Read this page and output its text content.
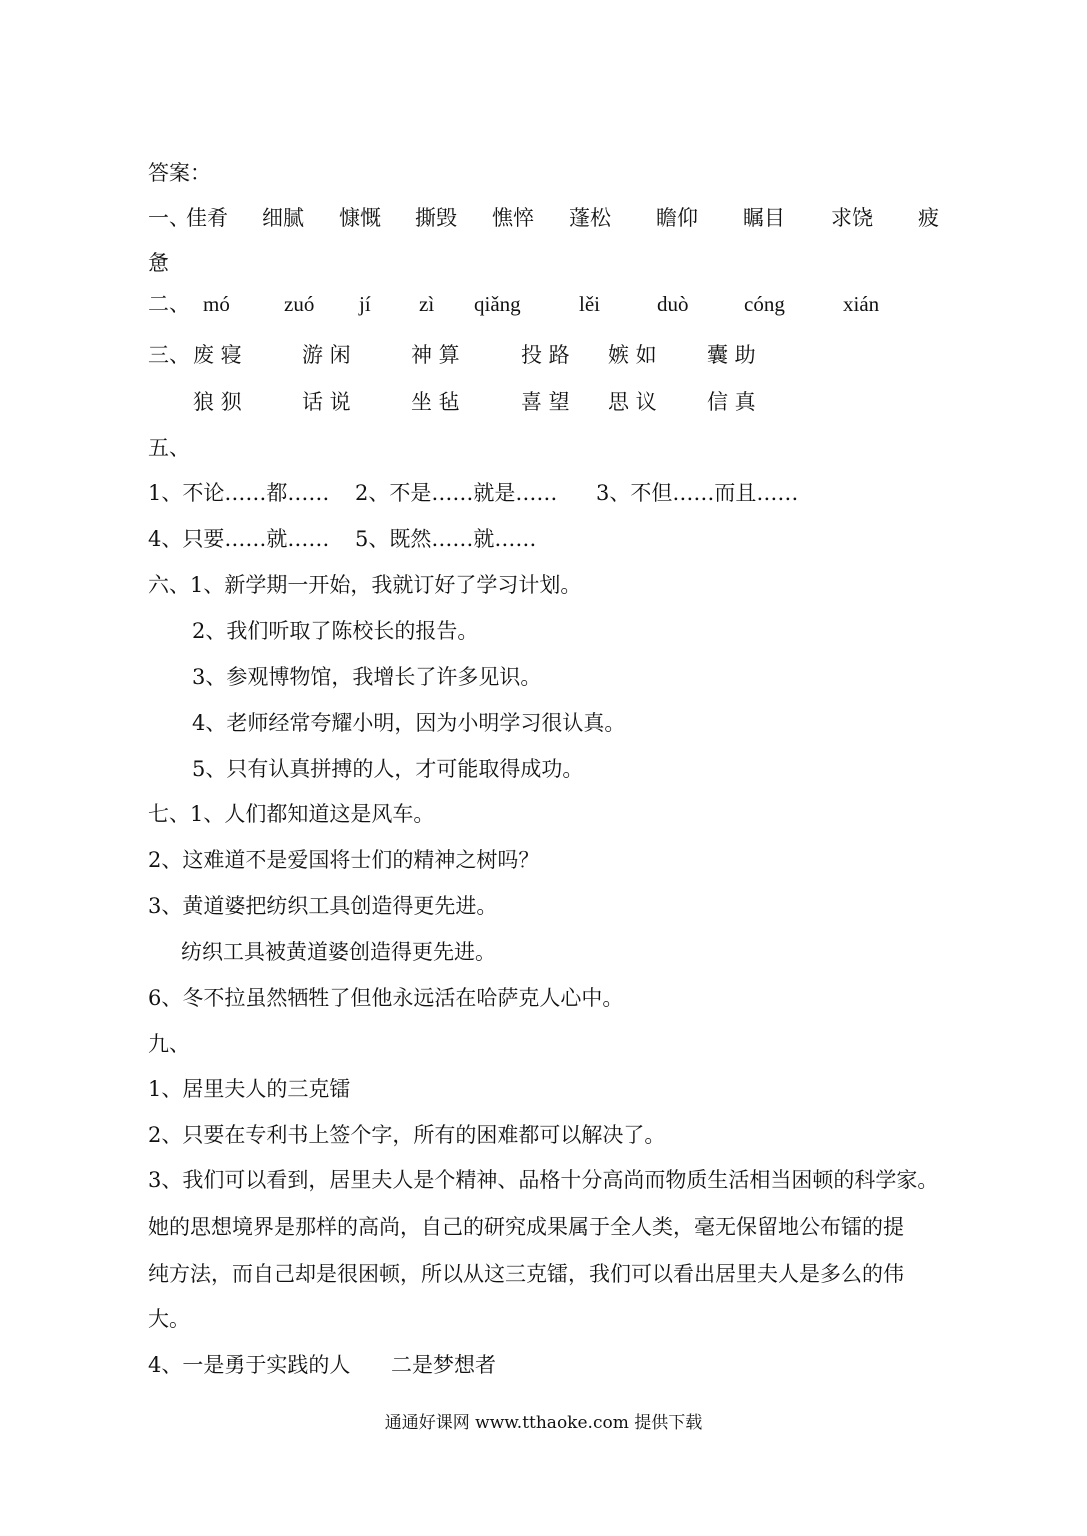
答案：
一、
佳肴 细腻 慷慨 撕毁 憔悴 蓬松 瞻仰 瞩目 求饶 疲
惫
二、 mó	zuó jí zì qiǎng	lěi	duò	cóng	xián
三、 废 寝	游 闲	神 算	投 路 嫉 如 囊 助
狼 狈	话 说	坐 毡	喜 望 思 议 信 真
五、
1、不论……都…… 2、不是……就是…… 3、不但……而且……
4、只要……就…… 5、既然……就……
六、1、新学期一开始，我就订好了学习计划。
2、我们听取了陈校长的报告。
3、参观博物馆，我增长了许多见识。
4、老师经常夸耀小明，因为小明学习很认真。
5、只有认真拼搏的人，才可能取得成功。
七、1、人们都知道这是风车。
2、这难道不是爱国将士们的精神之树吗？
3、黄道婆把纺织工具创造得更先进。
纺织工具被黄道婆创造得更先进。
6、冬不拉虽然牺牲了但他永远活在哈萨克人心中。
九、
1、居里夫人的三克镭
2、只要在专利书上签个字，所有的困难都可以解决了。
3、我们可以看到，居里夫人是个精神、品格十分高尚而物质生活相当困顿的科学家。
她的思想境界是那样的高尚，自己的研究成果属于全人类，毫无保留地公布镭的提
纯方法，而自己却是很困顿，所以从这三克镭，我们可以看出居里夫人是多么的伟
大。
4、一是勇于实践的人 二是梦想者
通通好课网 www.tthaoke.com 提供下载
